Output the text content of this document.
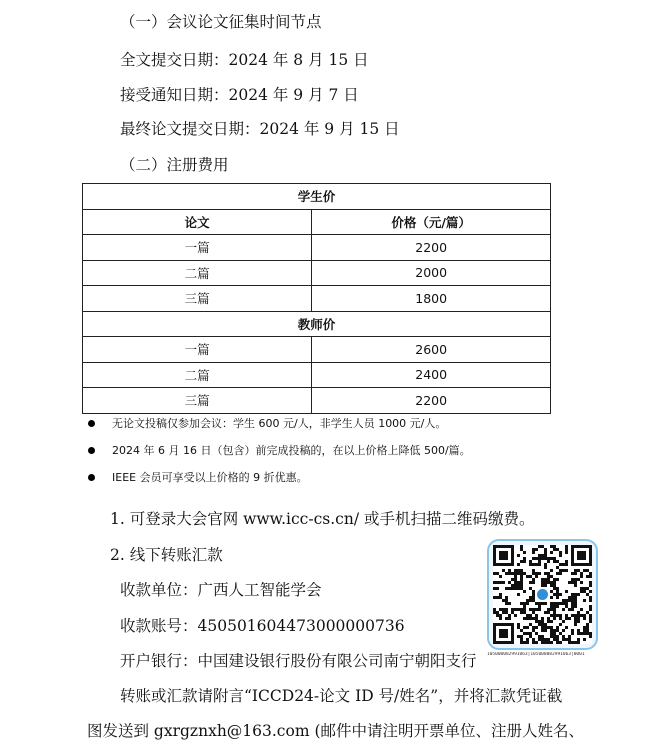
（一）会议论文征集时间节点
全文提交日期：2024 年 8 月 15 日
接受通知日期：2024 年 9 月 7 日
最终论文提交日期：2024 年 9 月 15 日
（二）注册费用
学生价	
论文	价格（元/篇）
一篇	2200
二篇	2000
三篇	1800
教师价	
一篇	2600
二篇	2400
三篇	2200
无论文投稿仅参加会议：学生 600 元/人，非学生人员 1000 元/人。
2024 年 6 月 16 日（包含）前完成投稿的，在以上价格上降低 500/篇。
IEEE 会员可享受以上价格的 9 折优惠。
1. 可登录大会官网 www.icc-cs.cn/ 或手机扫描二维码缴费。
2. 线下转账汇款
收款单位：广西人工智能学会
收款账号：450501604473000000736
开户银行：中国建设银行股份有限公司南宁朝阳支行
转账或汇款请附言“ICCD24-论文 ID 号/姓名”，并将汇款凭证截
图发送到 gxrgznxh@163.com (邮件中请注明开票单位、注册人姓名、
105000082991063|105000082991063|0001
